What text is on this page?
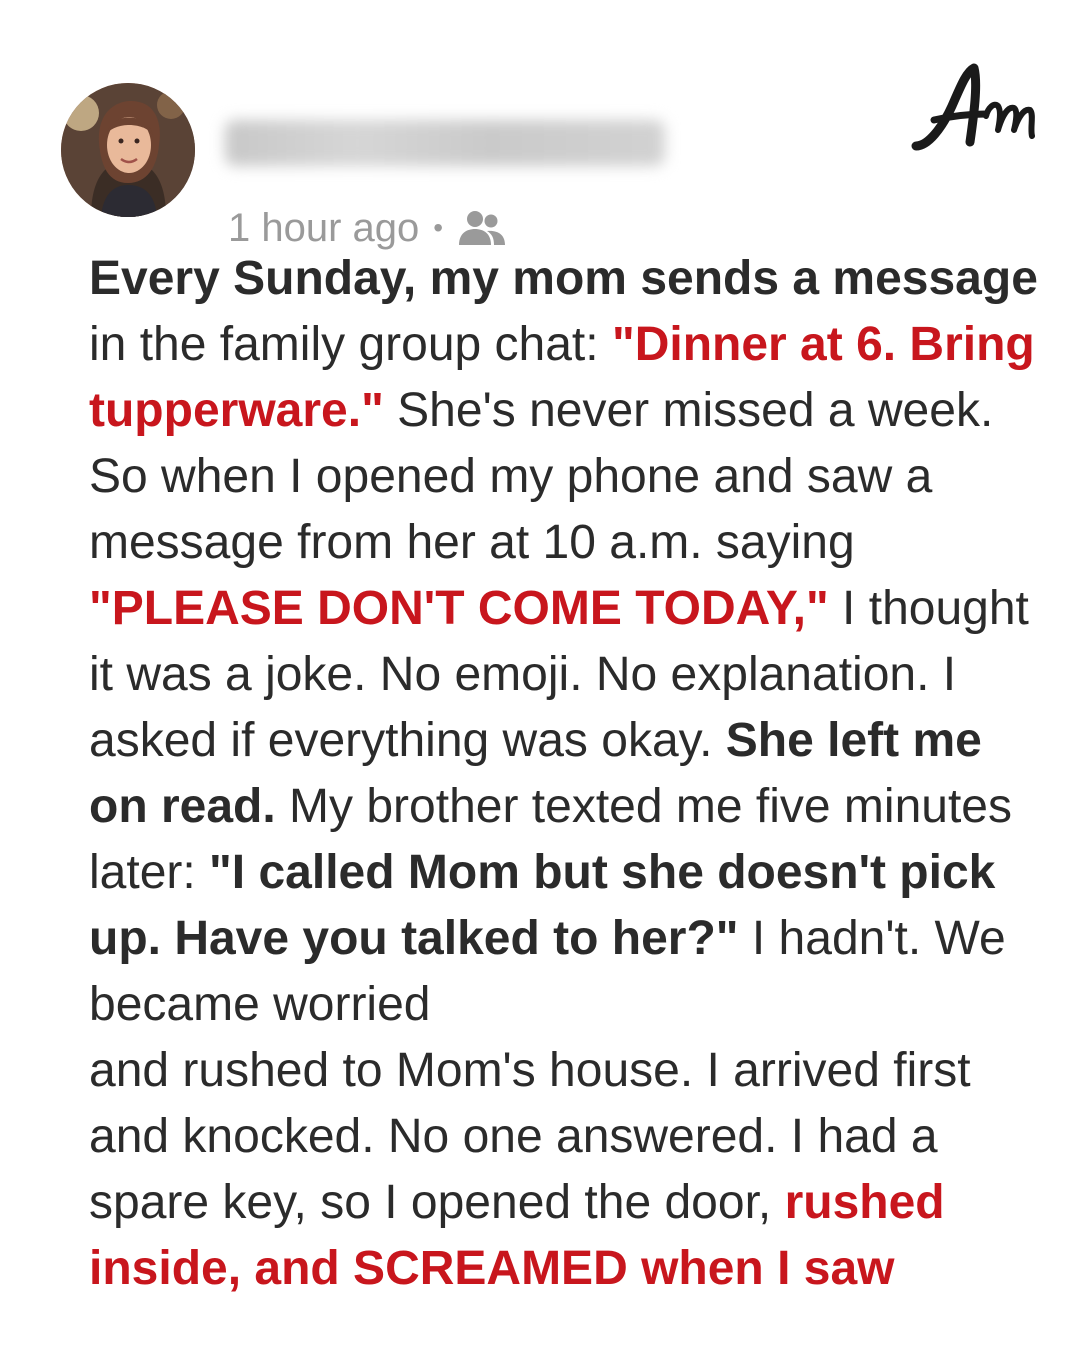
1 hour ago •

Every Sunday, my mom sends a message in the family group chat: "Dinner at 6. Bring tupperware." She's never missed a week. So when I opened my phone and saw a message from her at 10 a.m. saying "PLEASE DON'T COME TODAY," I thought it was a joke. No emoji. No explanation. I asked if everything was okay. She left me on read. My brother texted me five minutes later: "I called Mom but she doesn't pick up. Have you talked to her?" I hadn't. We became worried
and rushed to Mom's house. I arrived first and knocked. No one answered. I had a spare key, so I opened the door, rushed inside, and SCREAMED when I saw
